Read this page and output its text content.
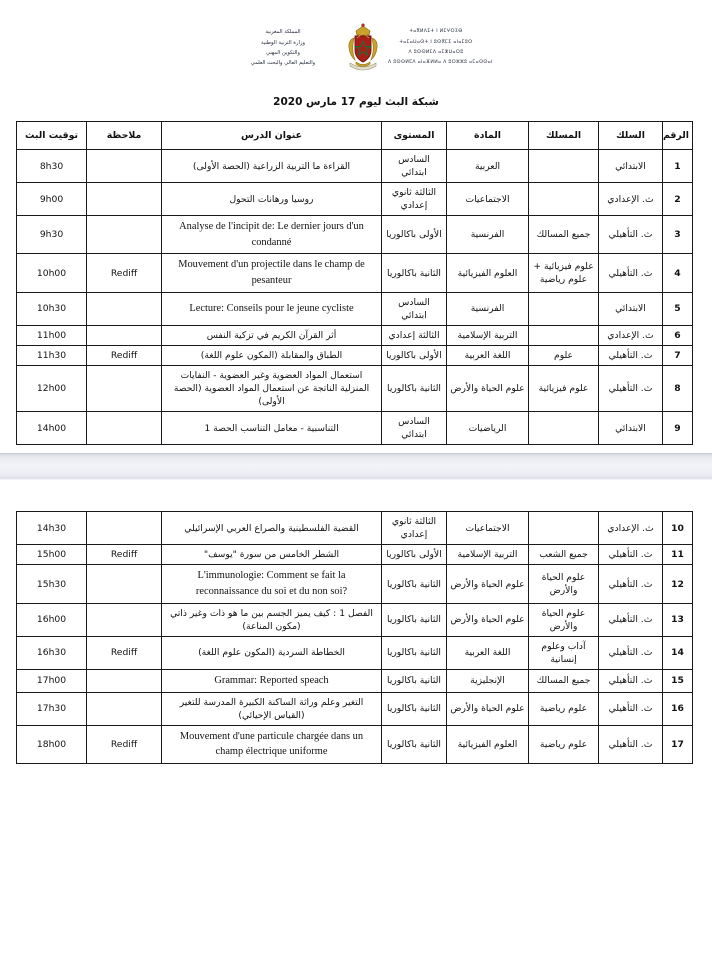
ⵜⴰⴳⵍⴷⵉⵜ ⵏ ⵍⵎⵖⵔⵉⴱ
ⵜⴰⵎⴰⵡⴰⵙⵜ ⵏ ⵓⵙⴳⵎⵉ ⴰⵏⴰⵎⵓⵔ
ⴷ ⵓⵙⵙⵍⵎⴷ ⴰⵎⵣⵡⴰⵔⵓ
ⴷ ⵓⵙⵙⵍⵎⴷ ⴰⵏⴰⴼⵍⵍⴰ ⴷ ⵓⵔⵣⵣⵓ ⴰⵎⴰⵙⵙⴰⵏ
المملكة المغربية
وزارة التربية الوطنية
والتكوين المهني
والتعليم العالي والبحث العلمي
شبكة البث ليوم 17 مارس 2020
الرقم	السلك	المسلك	المادة	المستوى	عنوان الدرس	ملاحظة	توقيت البث
1	الابتدائي		العربية	السادس ابتدائي	القراءة ما التربية الزراعية (الحصة الأولى)		8h30
2	ث. الإعدادي		الاجتماعيات	الثالثة ثانوي إعدادي	روسيا ورهانات التحول		9h00
3	ث. التأهيلي	جميع المسالك	الفرنسية	الأولى باكالوريا	Analyse de l'incipit de: Le dernier jours d'un condanné		9h30
4	ث. التأهيلي	علوم فيزيائية + علوم رياضية	العلوم الفيزيائية	الثانية باكالوريا	Mouvement d'un projectile dans le champ de pesanteur	Rediff	10h00
5	الابتدائي		الفرنسية	السادس ابتدائي	Lecture: Conseils pour le jeune cycliste		10h30
6	ث. الإعدادي		التربية الإسلامية	الثالثة إعدادي	أثر القرآن الكريم في تزكية النفس		11h00
7	ث. التأهيلي	علوم	اللغة العربية	الأولى باكالوريا	الطباق والمقابلة (المكون علوم اللغة)	Rediff	11h30
8	ث. التأهيلي	علوم فيزيائية	علوم الحياة والأرض	الثانية باكالوريا	استعمال المواد العضوية وغير العضوية - النفايات المنزلية الناتجة عن استعمال المواد العضوية (الحصة الأولى)		12h00
9	الابتدائي		الرياضيات	السادس ابتدائي	التناسبية - معامل التناسب الحصة 1		14h00
10	ث. الإعدادي		الاجتماعيات	الثالثة ثانوي إعدادي	القضية الفلسطينية والصراع العربي الإسرائيلي		14h30
11	ث. التأهيلي	جميع الشعب	التربية الإسلامية	الأولى باكالوريا	الشطر الخامس من سورة "يوسف"	Rediff	15h00
12	ث. التأهيلي	علوم الحياة والأرض	علوم الحياة والأرض	الثانية باكالوريا	L'immunologie: Comment se fait la reconnaissance du soi et du non soi?		15h30
13	ث. التأهيلي	علوم الحياة والأرض	علوم الحياة والأرض	الثانية باكالوريا	الفصل 1 : كيف يميز الجسم بين ما هو ذات وغير ذاتي (مكون المناعة)		16h00
14	ث. التأهيلي	آداب وعلوم إنسانية	اللغة العربية	الثانية باكالوريا	الخطاطة السردية (المكون علوم اللغة)	Rediff	16h30
15	ث. التأهيلي	جميع المسالك	الإنجليزية	الثانية باكالوريا	Grammar: Reported speach		17h00
16	ث. التأهيلي	علوم رياضية	علوم الحياة والأرض	الثانية باكالوريا	التغير وعلم وراثة الساكنة الكبيرة المدرسة للتغير (القياس الإحيائي)		17h30
17	ث. التأهيلي	علوم رياضية	العلوم الفيزيائية	الثانية باكالوريا	Mouvement d'une particule chargée dans un champ électrique uniforme	Rediff	18h00
